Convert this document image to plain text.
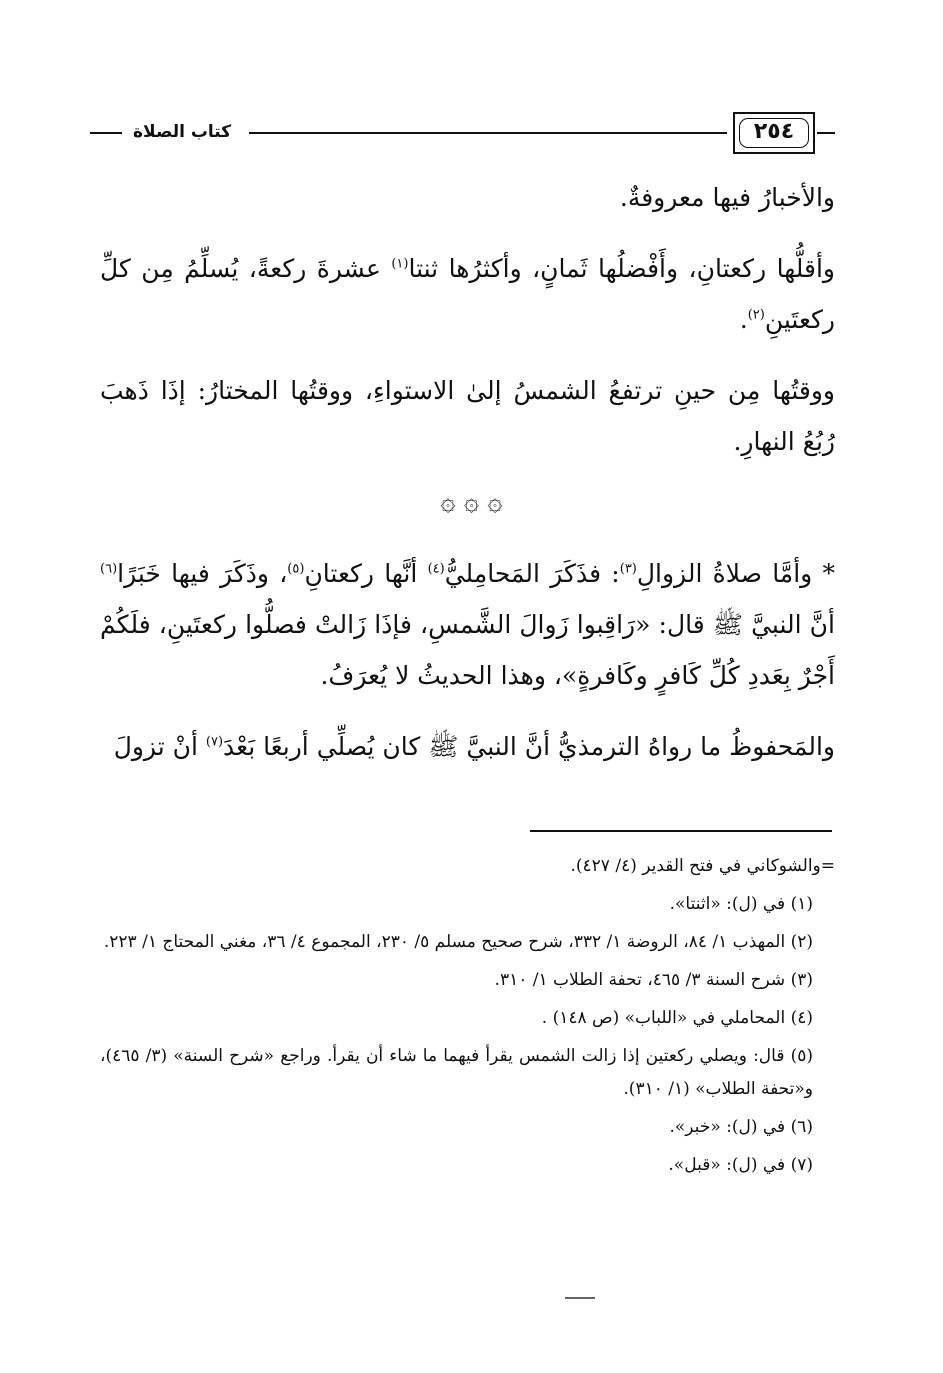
٢٥٤
كتاب الصلاة

والأخبارُ فيها معروفةٌ.

وأقلُّها ركعتانِ، وأَفْضلُها ثَمانٍ، وأكثرُها ثنتا$^{(١)}$ عشرةَ ركعةً، يُسلِّمُ مِن كلِّ ركعتَينِ$^{(٢)}$.

ووقتُها مِن حينِ ترتفعُ الشمسُ إلىٰ الاستواءِ، ووقتُها المختارُ: إذَا ذَهبَ رُبُعُ النهارِ.

۞ ۞ ۞

* وأمَّا صلاةُ الزوالِ$^{(٣)}$: فذَكَرَ المَحامِليُّ$^{(٤)}$ أنَّها ركعتانِ$^{(٥)}$، وذَكَرَ فيها خَبَرًا$^{(٦)}$ أنَّ النبيَّ ﷺ قال: «رَاقِبوا زَوالَ الشَّمسِ، فإذَا زَالتْ فصلُّوا ركعتَينِ، فلَكُمْ أَجْرٌ بِعَددِ كُلِّ كَافرٍ وكَافرةٍ»، وهذا الحديثُ لا يُعرَفُ.

والمَحفوظُ ما رواهُ الترمذيُّ أنَّ النبيَّ ﷺ كان يُصلِّي أربعًا بَعْدَ$^{(٧)}$ أنْ تزولَ

=والشوكاني في فتح القدير (٤/ ٤٢٧).

(١) في (ل): «اثنتا».

(٢) المهذب ١/ ٨٤، الروضة ١/ ٣٣٢، شرح صحيح مسلم ٥/ ٢٣٠، المجموع ٤/ ٣٦، مغني المحتاج ١/ ٢٢٣.

(٣) شرح السنة ٣/ ٤٦٥، تحفة الطلاب ١/ ٣١٠.

(٤) المحاملي في «اللباب» (ص ١٤٨) .

(٥) قال: ويصلي ركعتين إذا زالت الشمس يقرأ فيهما ما شاء أن يقرأ. وراجع «شرح السنة» (٣/ ٤٦٥)، و«تحفة الطلاب» (١/ ٣١٠).

(٦) في (ل): «خبر».

(٧) في (ل): «قبل».
